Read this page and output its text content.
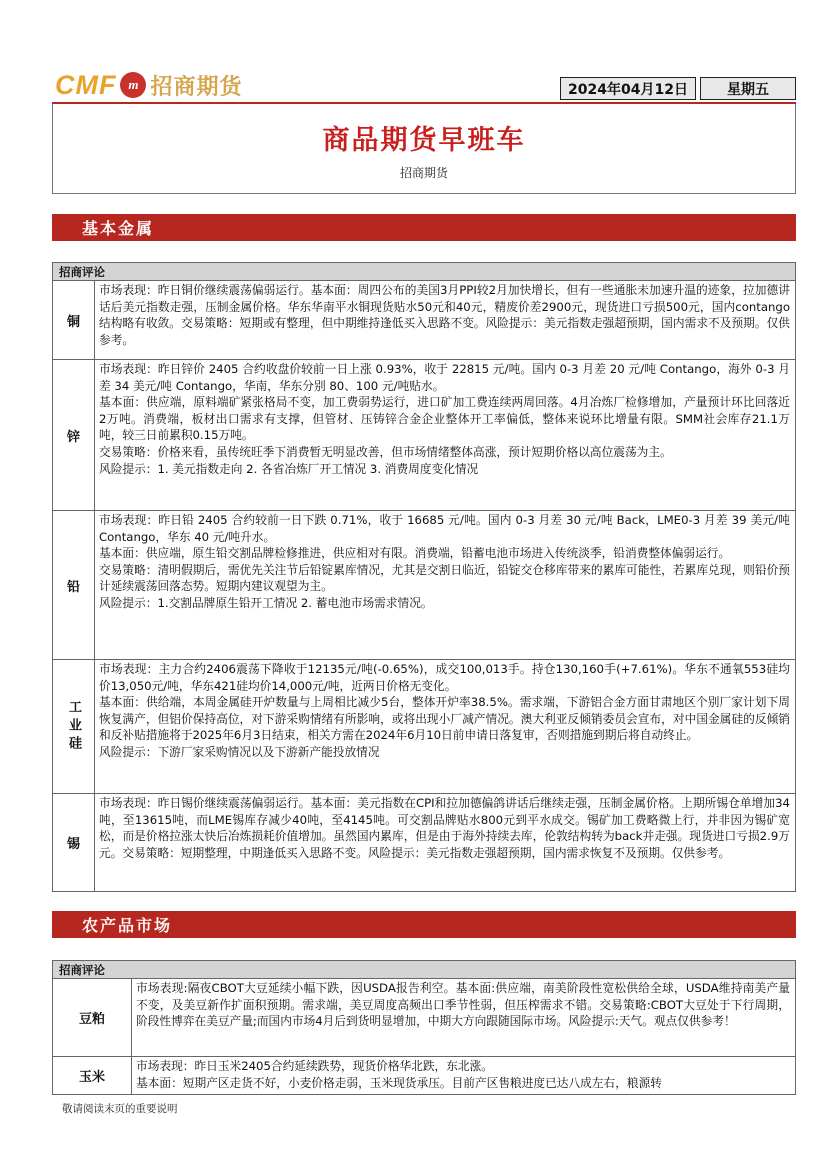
CMF m 招商期货	2024年04月12日	星期五
商品期货早班车
招商期货
基本金属
招商评论
铜

市场表现：昨日铜价继续震荡偏弱运行。基本面：周四公布的美国3月PPI较2月加快增长，但有一些通胀未加速升温的迹象，拉加德讲话后美元指数走强，压制金属价格。华东华南平水铜现货贴水50元和40元，精废价差2900元，现货进口亏损500元，国内contango结构略有收敛。交易策略：短期或有整理，但中期维持逢低买入思路不变。风险提示：美元指数走强超预期，国内需求不及预期。仅供参考。

锌

市场表现：昨日锌价 2405 合约收盘价较前一日上涨 0.93%，收于 22815 元/吨。国内 0-3 月差 20 元/吨 Contango，海外 0-3 月差 34 美元/吨 Contango，华南，华东分别 80、100 元/吨贴水。

基本面：供应端，原料端矿紧张格局不变，加工费弱势运行，进口矿加工费连续两周回落。4月冶炼厂检修增加，产量预计环比回落近2万吨。消费端，板材出口需求有支撑，但管材、压铸锌合金企业整体开工率偏低，整体来说环比增量有限。SMM社会库存21.1万吨，较三日前累积0.15万吨。

交易策略：价格来看，虽传统旺季下消费暂无明显改善，但市场情绪整体高涨，预计短期价格以高位震荡为主。

风险提示：1. 美元指数走向 2. 各省冶炼厂开工情况 3. 消费周度变化情况

铅

市场表现：昨日铅 2405 合约较前一日下跌 0.71%，收于 16685 元/吨。国内 0-3 月差 30 元/吨 Back，LME0-3 月差 39 美元/吨 Contango，华东 40 元/吨升水。

基本面：供应端，原生铅交割品牌检修推进，供应相对有限。消费端，铅蓄电池市场进入传统淡季，铅消费整体偏弱运行。

交易策略：清明假期后，需优先关注节后铅锭累库情况，尤其是交割日临近，铅锭交仓移库带来的累库可能性，若累库兑现，则铅价预计延续震荡回落态势。短期内建议观望为主。

风险提示：1.交割品牌原生铅开工情况 2. 蓄电池市场需求情况。

工业硅

市场表现：主力合约2406震荡下降收于12135元/吨(-0.65%)，成交100,013手。持仓130,160手(+7.61%)。华东不通氧553硅均价13,050元/吨，华东421硅均价14,000元/吨，近两日价格无变化。

基本面：供给端，本周金属硅开炉数量与上周相比减少5台，整体开炉率38.5%。需求端，下游铝合金方面甘肃地区个别厂家计划下周恢复满产，但铝价保持高位，对下游采购情绪有所影响，或将出现小厂减产情况。澳大利亚反倾销委员会宣布，对中国金属硅的反倾销和反补贴措施将于2025年6月3日结束，相关方需在2024年6月10日前申请日落复审，否则措施到期后将自动终止。

风险提示：下游厂家采购情况以及下游新产能投放情况

锡

市场表现：昨日锡价继续震荡偏弱运行。基本面：美元指数在CPI和拉加德偏鸽讲话后继续走强，压制金属价格。上期所锡仓单增加34吨，至13615吨，而LME锡库存减少40吨，至4145吨。可交割品牌贴水800元到平水成交。锡矿加工费略微上行，并非因为锡矿宽松，而是价格拉涨太快后冶炼损耗价值增加。虽然国内累库，但是由于海外持续去库，伦敦结构转为back并走强。现货进口亏损2.9万元。交易策略：短期整理，中期逢低买入思路不变。风险提示：美元指数走强超预期，国内需求恢复不及预期。仅供参考。

农产品市场
招商评论
豆粕

市场表现:隔夜CBOT大豆延续小幅下跌，因USDA报告利空。基本面:供应端，南美阶段性宽松供给全球，USDA维持南美产量不变，及美豆新作扩面积预期。需求端，美豆周度高频出口季节性弱，但压榨需求不错。交易策略:CBOT大豆处于下行周期，阶段性博弈在美豆产量;而国内市场4月后到货明显增加，中期大方向跟随国际市场。风险提示:天气。观点仅供参考！

玉米

市场表现：昨日玉米2405合约延续跌势，现货价格华北跌，东北涨。

基本面：短期产区走货不好，小麦价格走弱，玉米现货承压。目前产区售粮进度已达八成左右，粮源转

敬请阅读末页的重要说明
